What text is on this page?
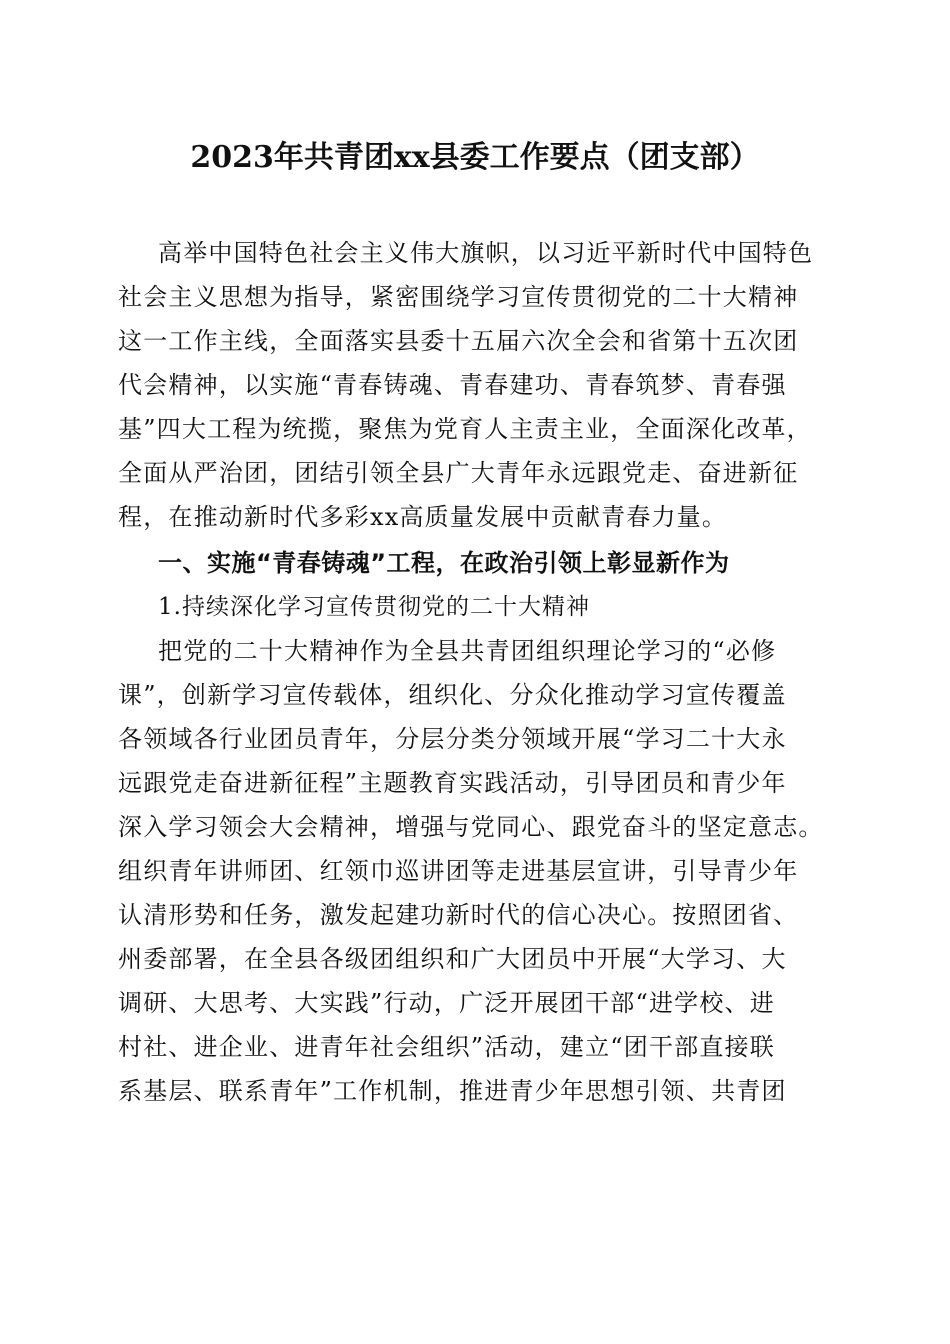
2023年共青团xx县委工作要点（团支部）
高举中国特色社会主义伟大旗帜，以习近平新时代中国特色
社会主义思想为指导，紧密围绕学习宣传贯彻党的二十大精神
这一工作主线，全面落实县委十五届六次全会和省第十五次团
代会精神，以实施“青春铸魂、青春建功、青春筑梦、青春强
基”四大工程为统揽，聚焦为党育人主责主业，全面深化改革，
全面从严治团，团结引领全县广大青年永远跟党走、奋进新征
程，在推动新时代多彩xx高质量发展中贡献青春力量。
一、实施“青春铸魂”工程，在政治引领上彰显新作为
1.持续深化学习宣传贯彻党的二十大精神
把党的二十大精神作为全县共青团组织理论学习的“必修
课”，创新学习宣传载体，组织化、分众化推动学习宣传覆盖
各领域各行业团员青年，分层分类分领域开展“学习二十大永
远跟党走奋进新征程”主题教育实践活动，引导团员和青少年
深入学习领会大会精神，增强与党同心、跟党奋斗的坚定意志。
组织青年讲师团、红领巾巡讲团等走进基层宣讲，引导青少年
认清形势和任务，激发起建功新时代的信心决心。按照团省、
州委部署，在全县各级团组织和广大团员中开展“大学习、大
调研、大思考、大实践”行动，广泛开展团干部“进学校、进
村社、进企业、进青年社会组织”活动，建立“团干部直接联
系基层、联系青年”工作机制，推进青少年思想引领、共青团
